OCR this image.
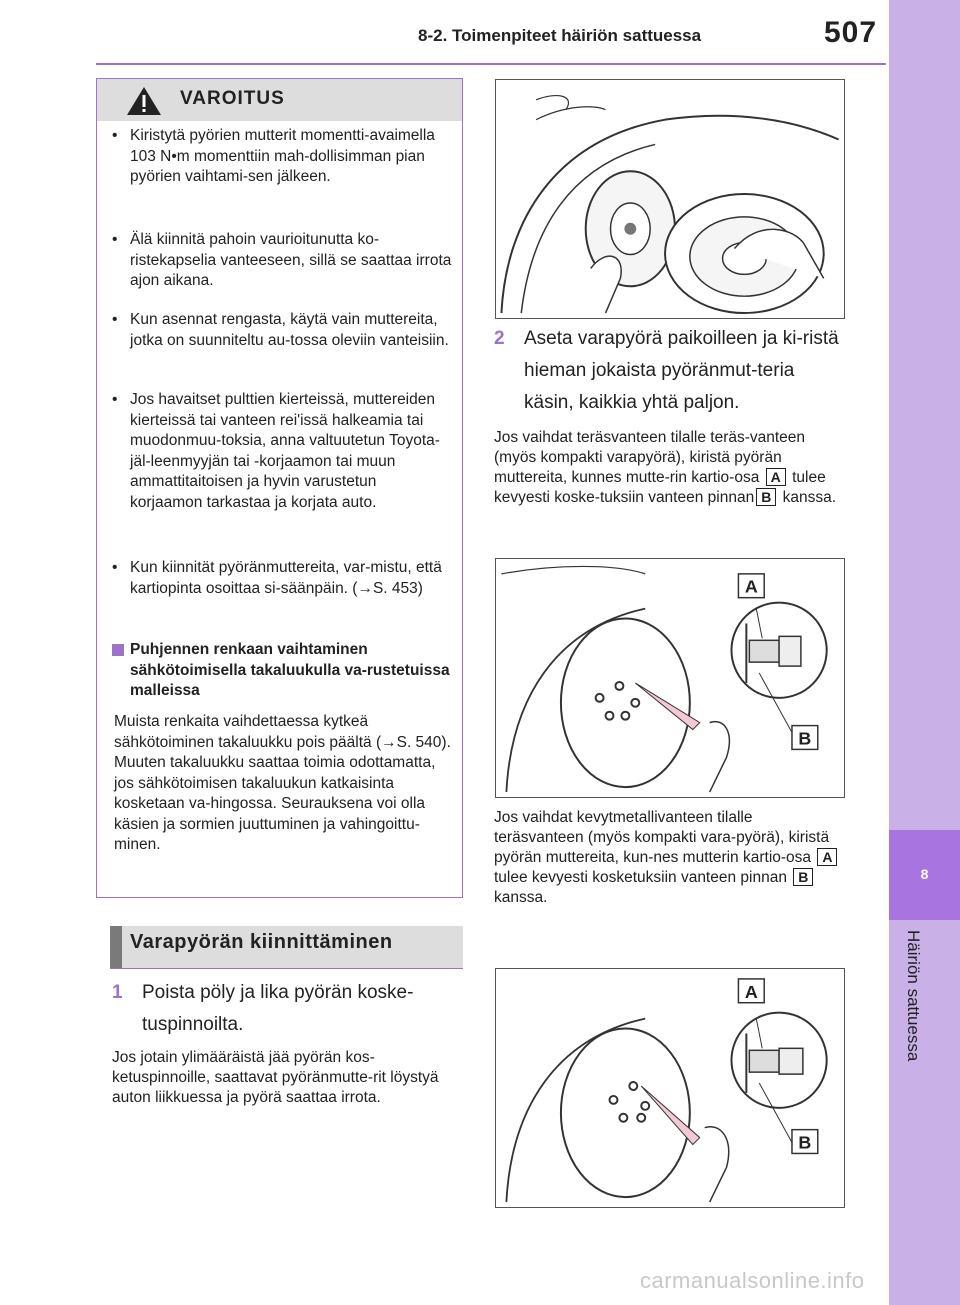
8-2. Toimenpiteet häiriön sattuessa	507
8
Häiriön sattuessa
VAROITUS
• Kiristytä pyörien mutterit momentti-avaimella 103 N•m momenttiin mah-dollisimman pian pyörien vaihtami-sen jälkeen.
• Älä kiinnitä pahoin vaurioitunutta ko-ristekapselia vanteeseen, sillä se saattaa irrota ajon aikana.
• Kun asennat rengasta, käytä vain muttereita, jotka on suunniteltu au-tossa oleviin vanteisiin.
• Jos havaitset pulttien kierteissä, muttereiden kierteissä tai vanteen rei'issä halkeamia tai muodonmuu-toksia, anna valtuutetun Toyota-jäl-leenmyyjän tai -korjaamon tai muun ammattitaitoisen ja hyvin varustetun korjaamon tarkastaa ja korjata auto.
• Kun kiinnität pyöränmuttereita, var-mistu, että kartiopinta osoittaa si-säänpäin. (→S. 453)
Puhjennen renkaan vaihtaminen sähkötoimisella takaluukulla va-rustetuissa malleissa
Muista renkaita vaihdettaessa kytkeä sähkötoiminen takaluukku pois päältä (→S. 540). Muuten takaluukku saattaa toimia odottamatta, jos sähkötoimisen takaluukun katkaisinta kosketaan va-hingossa. Seurauksena voi olla käsien ja sormien juuttuminen ja vahingoittu-minen.
Varapyörän kiinnittäminen
1 Poista pöly ja lika pyörän koske-tuspinnoilta.
Jos jotain ylimääräistä jää pyörän kos-ketuspinnoille, saattavat pyöränmutte-rit löystyä auton liikkuessa ja pyörä saattaa irrota.
2 Aseta varapyörä paikoilleen ja ki-ristä hieman jokaista pyöränmut-teria käsin, kaikkia yhtä paljon.
Jos vaihdat teräsvanteen tilalle teräs-vanteen (myös kompakti varapyörä), kiristä pyörän muttereita, kunnes mutte-rin kartio-osa A tulee kevyesti koske-tuksiin vanteen pinnan B kanssa.
A
B
Jos vaihdat kevytmetallivanteen tilalle teräsvanteen (myös kompakti vara-pyörä), kiristä pyörän muttereita, kun-nes mutterin kartio-osa A tulee kevyesti kosketuksiin vanteen pinnan B kanssa.
A
B
carmanualsonline.info
